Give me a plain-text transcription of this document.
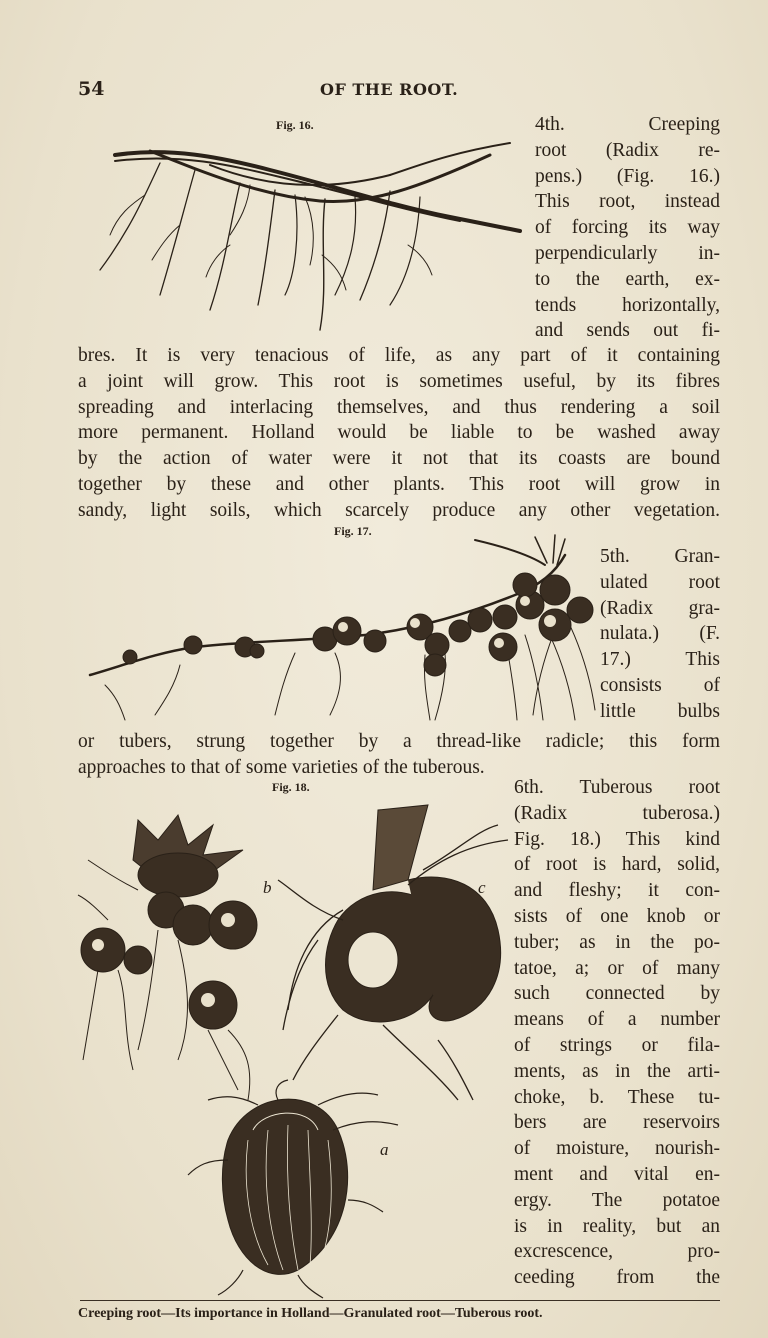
54	OF THE ROOT.
Fig. 16.	4th. Creeping
root (Radix re-
pens.) (Fig. 16.)
This root, instead
of forcing its way
perpendicularly in-
to the earth, ex-
tends horizontally,
and sends out fi-
bres. It is very tenacious of life, as any part of it containing
a joint will grow. This root is sometimes useful, by its fibres
spreading and interlacing themselves, and thus rendering a soil
more permanent. Holland would be liable to be washed away
by the action of water were it not that its coasts are bound
together by these and other plants. This root will grow in
sandy, light soils, which scarcely produce any other vegetation.
Fig. 17.
5th. Gran-
ulated root
(Radix gra-
nulata.) (F.
17.) This
consists of
little bulbs
or tubers, strung together by a thread-like radicle; this form
approaches to that of some varieties of the tuberous.
Fig. 18.
b	c
a
6th. Tuberous root
(Radix tuberosa.)
Fig. 18.) This kind
of root is hard, solid,
and fleshy; it con-
sists of one knob or
tuber; as in the po-
tatoe, a; or of many
such connected by
means of a number
of strings or fila-
ments, as in the arti-
choke, b. These tu-
bers are reservoirs
of moisture, nourish-
ment and vital en-
ergy. The potatoe
is in reality, but an
excrescence, pro-
ceeding from the
Creeping root—Its importance in Holland—Granulated root—Tuberous root.
